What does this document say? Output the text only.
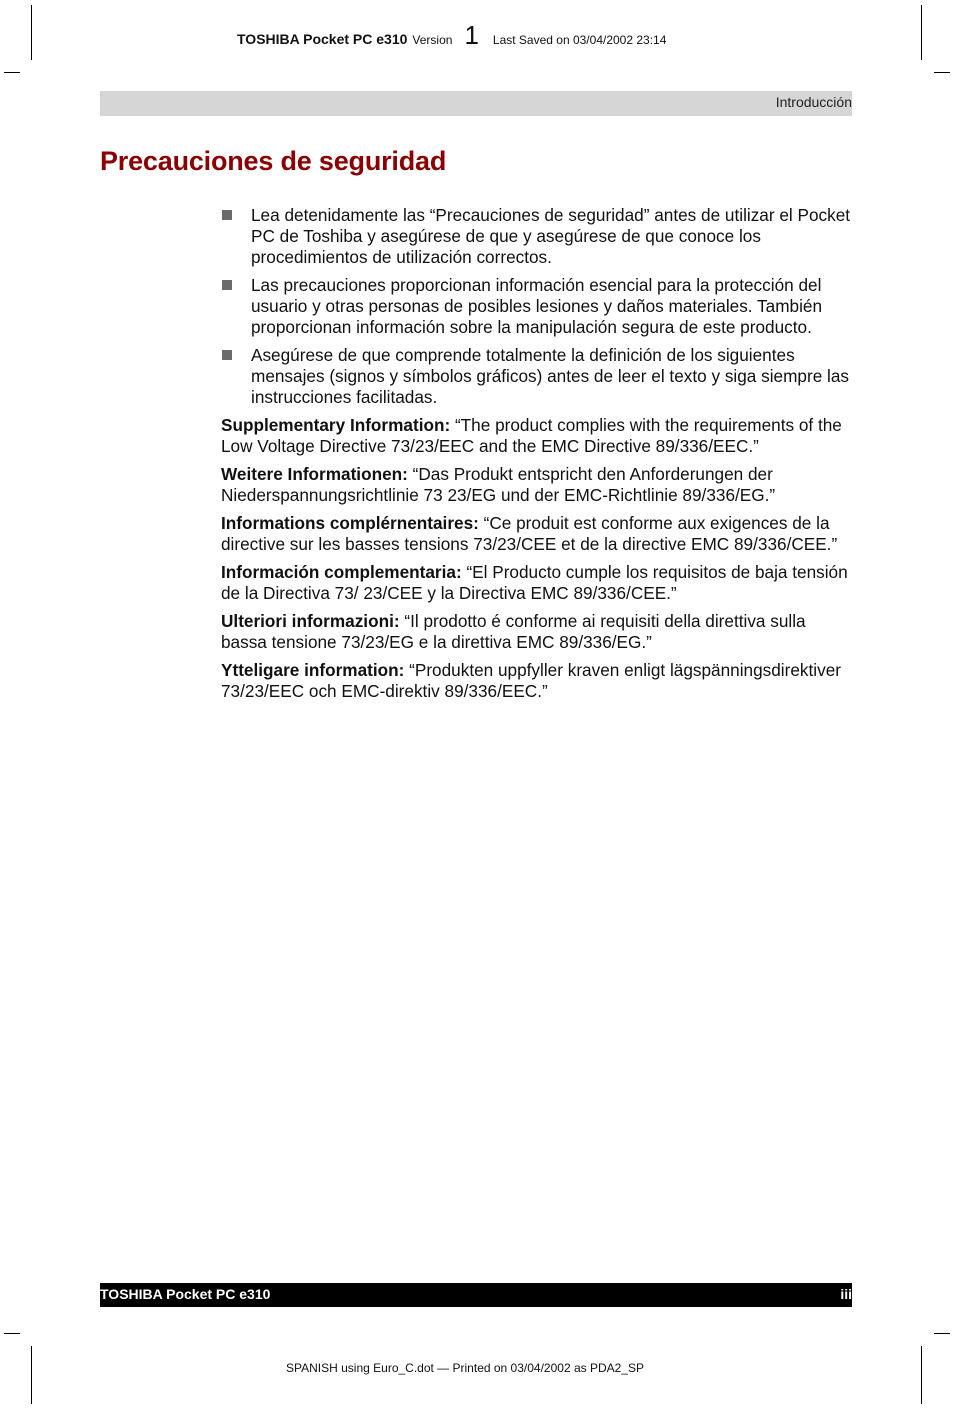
TOSHIBA Pocket PC e310 Version 1 Last Saved on 03/04/2002 23:14
Introducción
Precauciones de seguridad
Lea detenidamente las “Precauciones de seguridad” antes de utilizar el Pocket PC de Toshiba y asegúrese de que y asegúrese de que conoce los procedimientos de utilización correctos.
Las precauciones proporcionan información esencial para la protección del usuario y otras personas de posibles lesiones y daños materiales. También proporcionan información sobre la manipulación segura de este producto.
Asegúrese de que comprende totalmente la definición de los siguientes mensajes (signos y símbolos gráficos) antes de leer el texto y siga siempre las instrucciones facilitadas.

Supplementary Information: “The product complies with the requirements of the Low Voltage Directive 73/23/EEC and the EMC Directive 89/336/EEC.”

Weitere Informationen: “Das Produkt entspricht den Anforderungen der Niederspannungsrichtlinie 73 23/EG und der EMC-Richtlinie 89/336/EG.”

Informations complérnentaires: “Ce produit est conforme aux exigences de la directive sur les basses tensions 73/23/CEE et de la directive EMC 89/336/CEE.”

Información complementaria: “El Producto cumple los requisitos de baja tensión de la Directiva 73/ 23/CEE y la Directiva EMC 89/336/CEE.”

Ulteriori informazioni: “Il prodotto é conforme ai requisiti della direttiva sulla bassa tensione 73/23/EG e la direttiva EMC 89/336/EG.”

Ytteligare information: “Produkten uppfyller kraven enligt lägspänningsdirektiver 73/23/EEC och EMC-direktiv 89/336/EEC.”

TOSHIBA Pocket PC e310	iii
SPANISH using Euro_C.dot — Printed on 03/04/2002 as PDA2_SP
